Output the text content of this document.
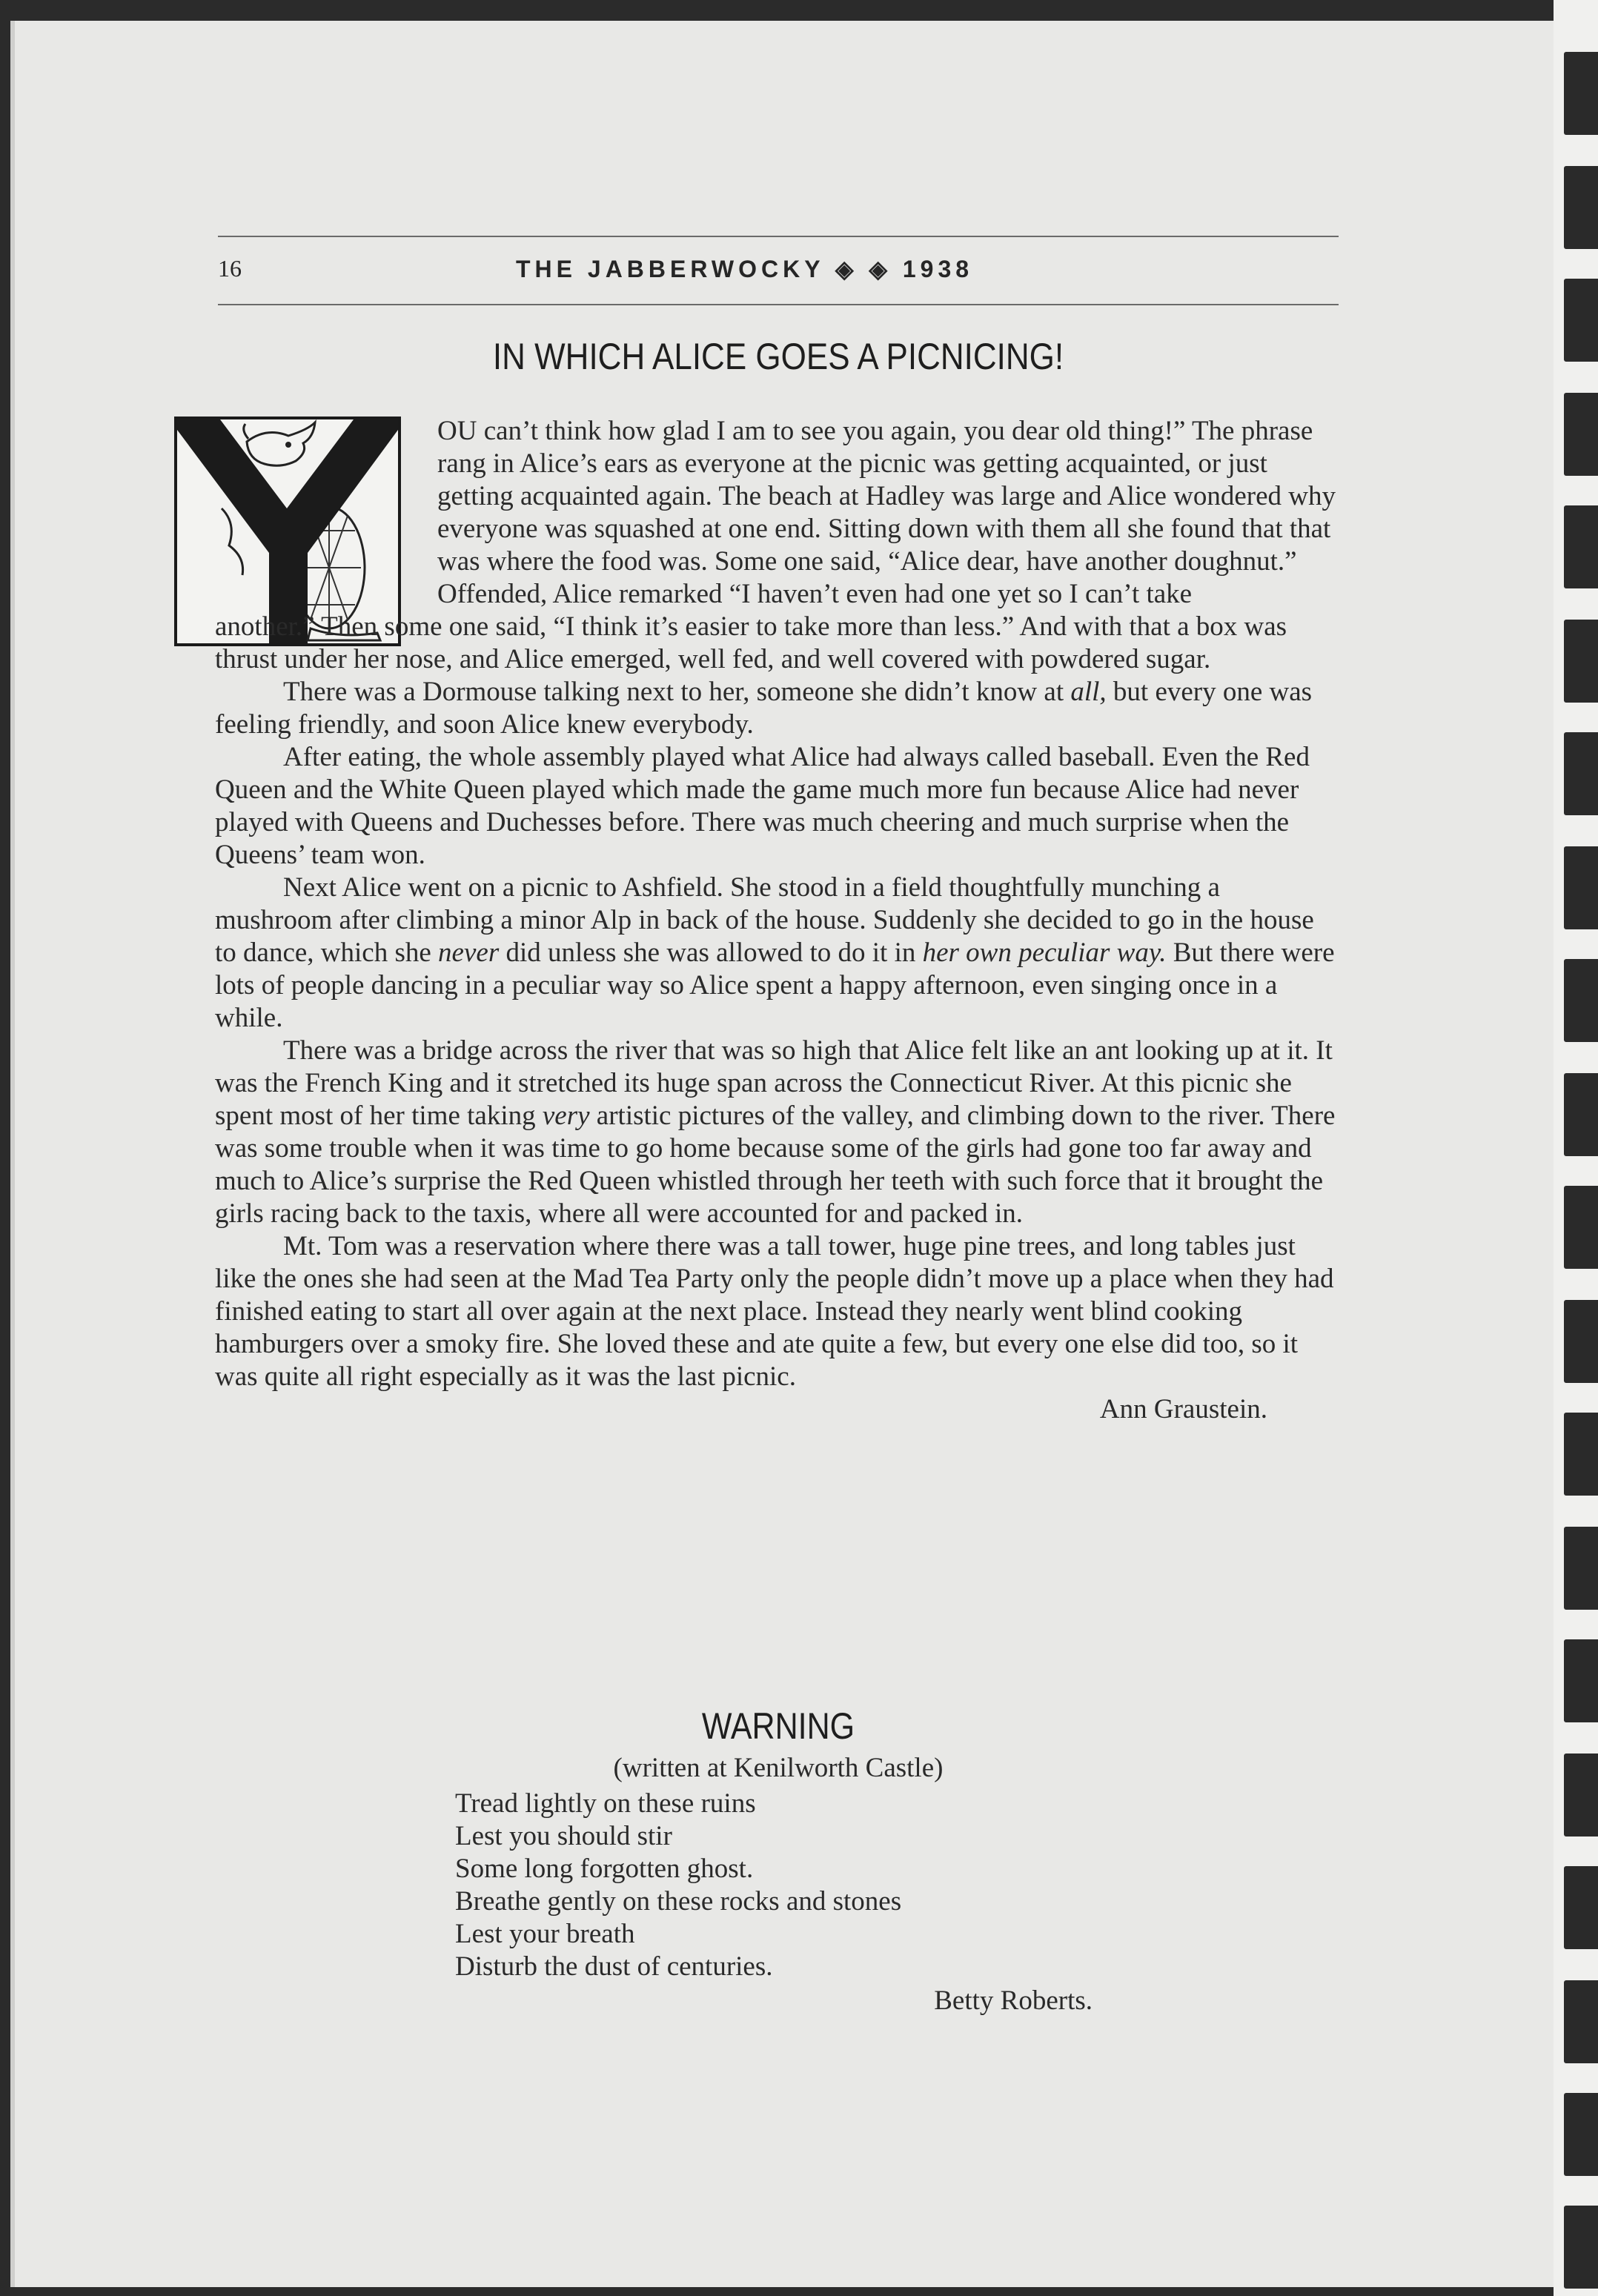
16	THE JABBERWOCKY ◈ ◈ 1938
IN WHICH ALICE GOES A PICNICING!

OU can’t think how glad I am to see you again, you dear old thing!” The phrase rang in Alice’s ears as everyone at the picnic was getting acquainted, or just getting acquainted again. The beach at Hadley was large and Alice wondered why everyone was squashed at one end. Sitting down with them all she found that that was where the food was. Some one said, “Alice dear, have another doughnut.” Offended, Alice remarked “I haven’t even had one yet so I can’t take

another.” Then some one said, “I think it’s easier to take more than less.” And with that a box was thrust under her nose, and Alice emerged, well fed, and well covered with powdered sugar.

There was a Dormouse talking next to her, someone she didn’t know at all, but every one was feeling friendly, and soon Alice knew everybody.

After eating, the whole assembly played what Alice had always called baseball. Even the Red Queen and the White Queen played which made the game much more fun because Alice had never played with Queens and Duchesses before. There was much cheering and much surprise when the Queens’ team won.

Next Alice went on a picnic to Ashfield. She stood in a field thoughtfully munching a mushroom after climbing a minor Alp in back of the house. Suddenly she decided to go in the house to dance, which she never did unless she was allowed to do it in her own peculiar way. But there were lots of people dancing in a peculiar way so Alice spent a happy afternoon, even singing once in a while.

There was a bridge across the river that was so high that Alice felt like an ant looking up at it. It was the French King and it stretched its huge span across the Connecticut River. At this picnic she spent most of her time taking very artistic pictures of the valley, and climbing down to the river. There was some trouble when it was time to go home because some of the girls had gone too far away and much to Alice’s surprise the Red Queen whistled through her teeth with such force that it brought the girls racing back to the taxis, where all were accounted for and packed in.

Mt. Tom was a reservation where there was a tall tower, huge pine trees, and long tables just like the ones she had seen at the Mad Tea Party only the people didn’t move up a place when they had finished eating to start all over again at the next place. Instead they nearly went blind cooking hamburgers over a smoky fire. She loved these and ate quite a few, but every one else did too, so it was quite all right especially as it was the last picnic.

Ann Graustein.

WARNING
(written at Kenilworth Castle)
Tread lightly on these ruins
Lest you should stir
Some long forgotten ghost.
Breathe gently on these rocks and stones
Lest your breath
Disturb the dust of centuries.
Betty Roberts.
